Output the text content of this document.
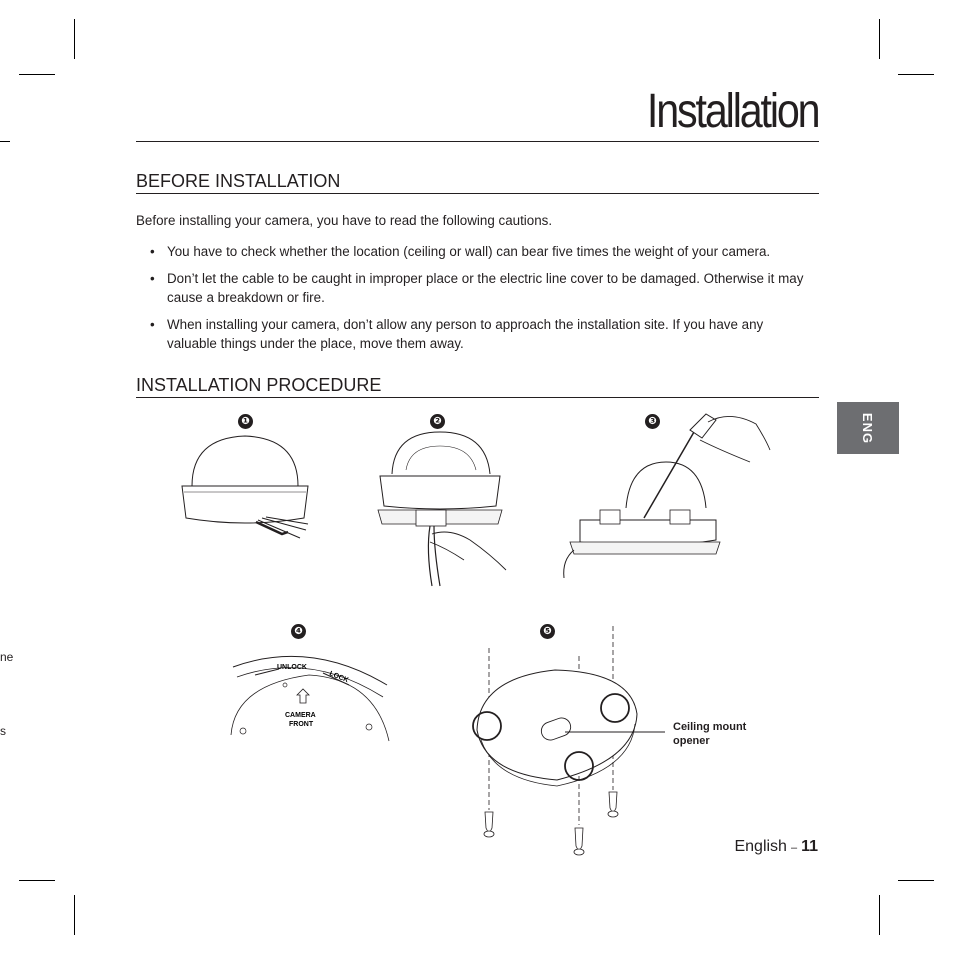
ne

s

Installation
ENG
BEFORE INSTALLATION

Before installing your camera, you have to read the following cautions.

• You have to check whether the location (ceiling or wall) can bear five times the weight of your camera.
• Don’t let the cable to be caught in improper place or the electric line cover to be damaged. Otherwise it may cause a breakdown or fire.
• When installing your camera, don’t allow any person to approach the installation site. If you have any valuable things under the place, move them away.
INSTALLATION PROCEDURE
❶	❷	❸
❹	❺
UNLOCK
LOCK
CAMERA
FRONT	Ceiling mount
opener

English – 11
